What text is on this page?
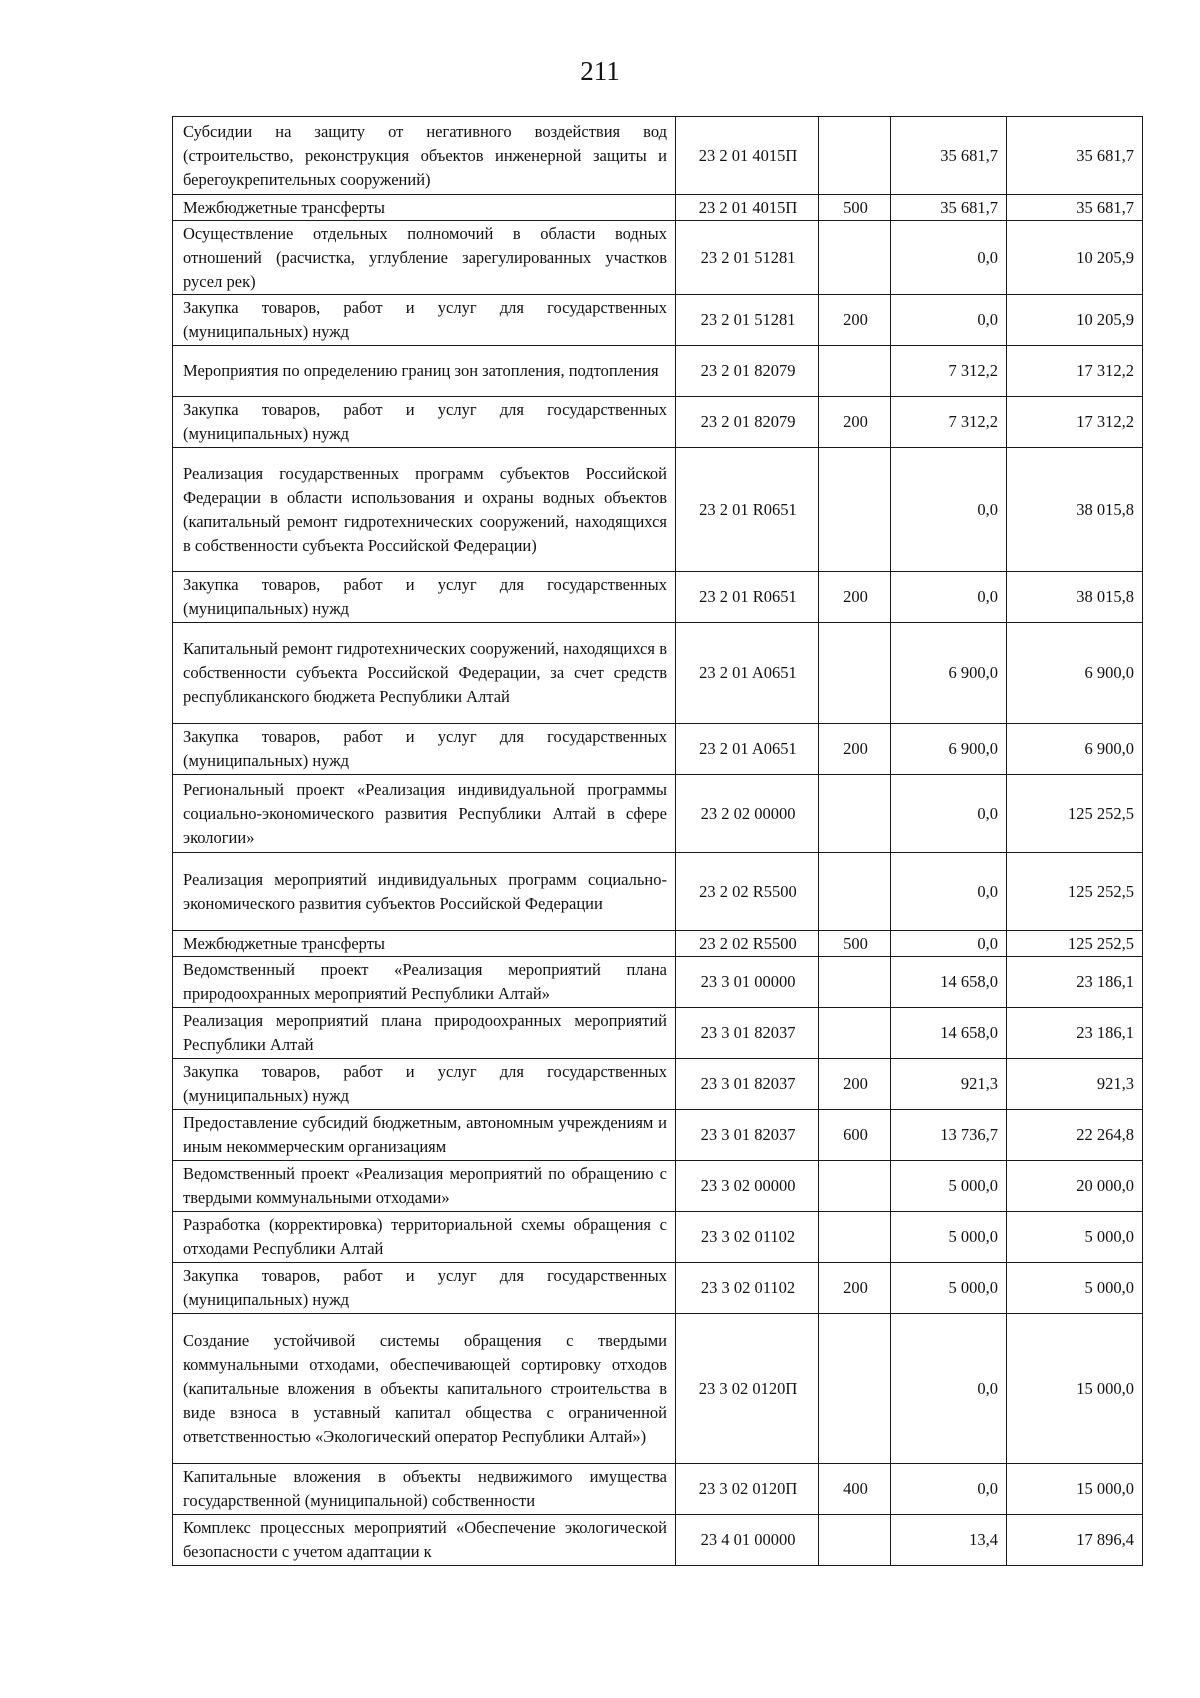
211
Субсидии на защиту от негативного воздействия вод (строительство, реконструкция объектов инженерной защиты и берегоукрепительных сооружений)	23 2 01 4015П		35 681,7	35 681,7
Межбюджетные трансферты	23 2 01 4015П	500	35 681,7	35 681,7
Осуществление отдельных полномочий в области водных отношений (расчистка, углубление зарегулированных участков русел рек)	23 2 01 51281		0,0	10 205,9
Закупка товаров, работ и услуг для государственных (муниципальных) нужд	23 2 01 51281	200	0,0	10 205,9
Мероприятия по определению границ зон затопления, подтопления	23 2 01 82079		7 312,2	17 312,2
Закупка товаров, работ и услуг для государственных (муниципальных) нужд	23 2 01 82079	200	7 312,2	17 312,2
Реализация государственных программ субъектов Российской Федерации в области использования и охраны водных объектов (капитальный ремонт гидротехнических сооружений, находящихся в собственности субъекта Российской Федерации)	23 2 01 R0651		0,0	38 015,8
Закупка товаров, работ и услуг для государственных (муниципальных) нужд	23 2 01 R0651	200	0,0	38 015,8
Капитальный ремонт гидротехнических сооружений, находящихся в собственности субъекта Российской Федерации, за счет средств республиканского бюджета Республики Алтай	23 2 01 A0651		6 900,0	6 900,0
Закупка товаров, работ и услуг для государственных (муниципальных) нужд	23 2 01 A0651	200	6 900,0	6 900,0
Региональный проект «Реализация индивидуальной программы социально-экономического развития Республики Алтай в сфере экологии»	23 2 02 00000		0,0	125 252,5
Реализация мероприятий индивидуальных программ социально-экономического развития субъектов Российской Федерации	23 2 02 R5500		0,0	125 252,5
Межбюджетные трансферты	23 2 02 R5500	500	0,0	125 252,5
Ведомственный проект «Реализация мероприятий плана природоохранных мероприятий Республики Алтай»	23 3 01 00000		14 658,0	23 186,1
Реализация мероприятий плана природоохранных мероприятий Республики Алтай	23 3 01 82037		14 658,0	23 186,1
Закупка товаров, работ и услуг для государственных (муниципальных) нужд	23 3 01 82037	200	921,3	921,3
Предоставление субсидий бюджетным, автономным учреждениям и иным некоммерческим организациям	23 3 01 82037	600	13 736,7	22 264,8
Ведомственный проект «Реализация мероприятий по обращению с твердыми коммунальными отходами»	23 3 02 00000		5 000,0	20 000,0
Разработка (корректировка) территориальной схемы обращения с отходами Республики Алтай	23 3 02 01102		5 000,0	5 000,0
Закупка товаров, работ и услуг для государственных (муниципальных) нужд	23 3 02 01102	200	5 000,0	5 000,0
Создание устойчивой системы обращения с твердыми коммунальными отходами, обеспечивающей сортировку отходов (капитальные вложения в объекты капитального строительства в виде взноса в уставный капитал общества с ограниченной ответственностью «Экологический оператор Республики Алтай»)	23 3 02 0120П		0,0	15 000,0
Капитальные вложения в объекты недвижимого имущества государственной (муниципальной) собственности	23 3 02 0120П	400	0,0	15 000,0
Комплекс процессных мероприятий «Обеспечение экологической безопасности с учетом адаптации к	23 4 01 00000		13,4	17 896,4
